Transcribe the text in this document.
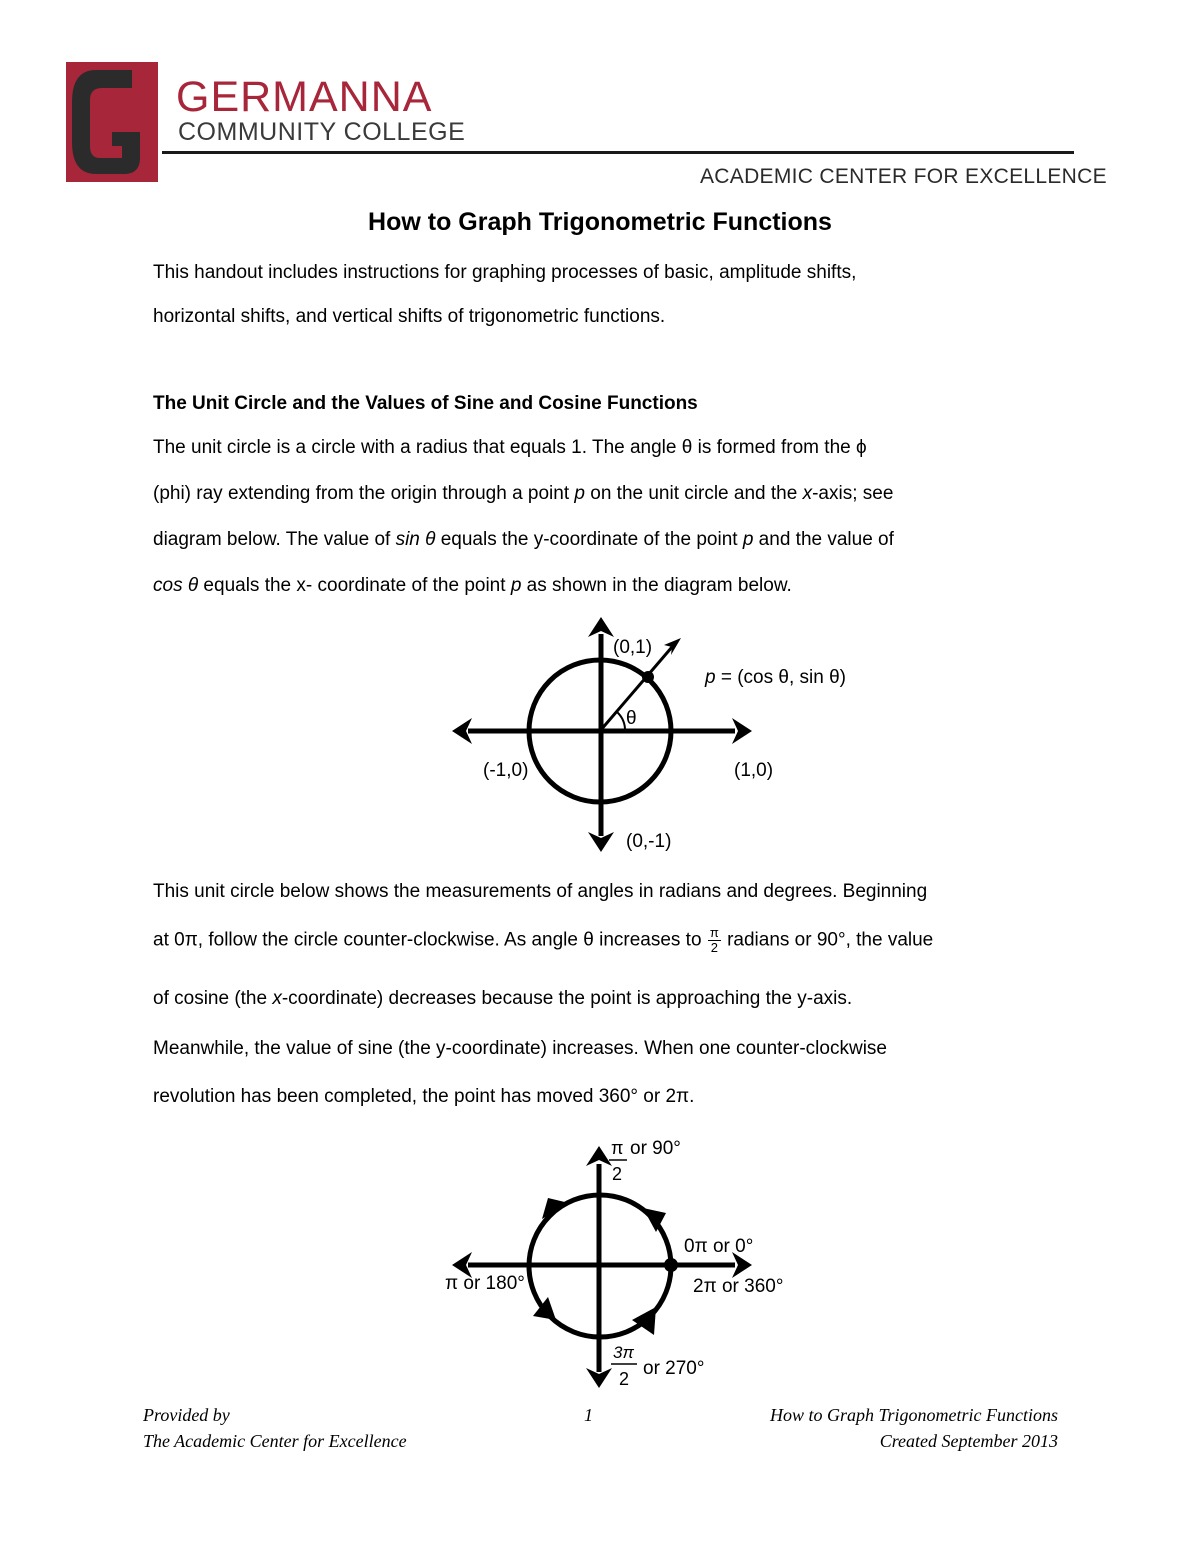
GERMANNA
COMMUNITY COLLEGE
ACADEMIC CENTER FOR EXCELLENCE
How to Graph Trigonometric Functions
This handout includes instructions for graphing processes of basic, amplitude shifts,
horizontal shifts, and vertical shifts of trigonometric functions.
The Unit Circle and the Values of Sine and Cosine Functions
The unit circle is a circle with a radius that equals 1. The angle θ is formed from the ϕ
(phi) ray extending from the origin through a point p on the unit circle and the x-axis; see
diagram below. The value of sin θ equals the y-coordinate of the point p and the value of
cos θ equals the x- coordinate of the point p as shown in the diagram below.
(0,1)
(0,-1)
(-1,0)	(1,0)
θ
p = (cos θ, sin θ)
This unit circle below shows the measurements of angles in radians and degrees. Beginning
at 0π, follow the circle counter-clockwise. As angle θ increases to $\frac{\pi}{2}$ radians or 90°, the value
of cosine (the x-coordinate) decreases because the point is approaching the y-axis.
Meanwhile, the value of sine (the y-coordinate) increases. When one counter-clockwise
revolution has been completed, the point has moved 360° or 2π.
π
2
or 90°
0π or 0°
2π or 360°
π or 180°
3π
2 or 270°
Provided by
The Academic Center for Excellence
1	How to Graph Trigonometric Functions
Created September 2013
